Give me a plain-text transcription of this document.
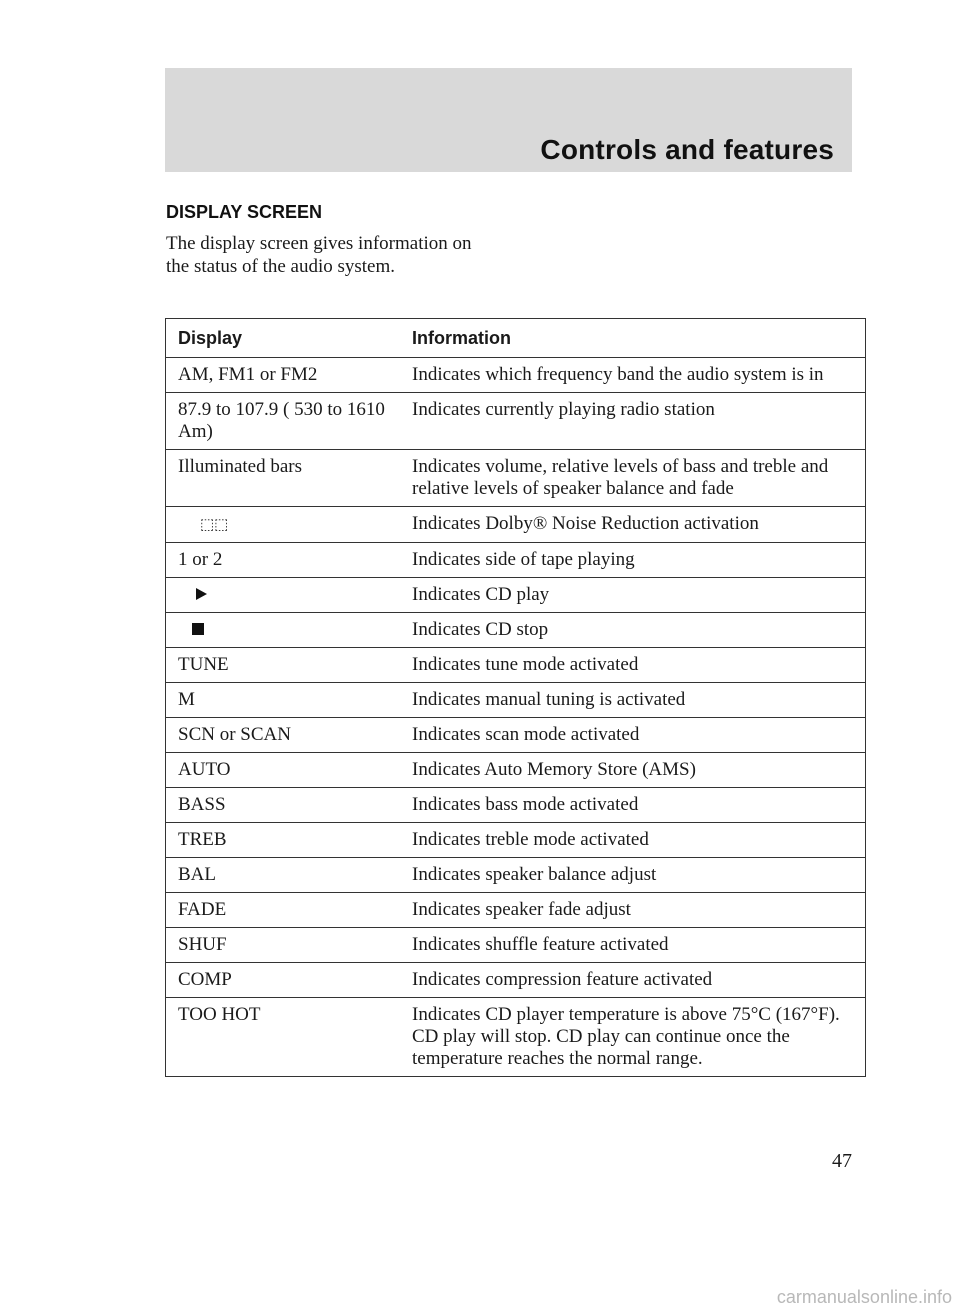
Controls and features
DISPLAY SCREEN
The display screen gives information on the status of the audio system.
Display	Information
AM, FM1 or FM2	Indicates which frequency band the audio system is in
87.9 to 107.9 ( 530 to 1610 Am)	Indicates currently playing radio station
Illuminated bars	Indicates volume, relative levels of bass and treble and relative levels of speaker balance and fade
⬚⬚	Indicates Dolby® Noise Reduction activation
1 or 2	Indicates side of tape playing
	Indicates CD play
	Indicates CD stop
TUNE	Indicates tune mode activated
M	Indicates manual tuning is activated
SCN or SCAN	Indicates scan mode activated
AUTO	Indicates Auto Memory Store (AMS)
BASS	Indicates bass mode activated
TREB	Indicates treble mode activated
BAL	Indicates speaker balance adjust
FADE	Indicates speaker fade adjust
SHUF	Indicates shuffle feature activated
COMP	Indicates compression feature activated
TOO HOT	Indicates CD player temperature is above 75°C (167°F). CD play will stop. CD play can continue once the temperature reaches the normal range.
47
carmanualsonline.info
